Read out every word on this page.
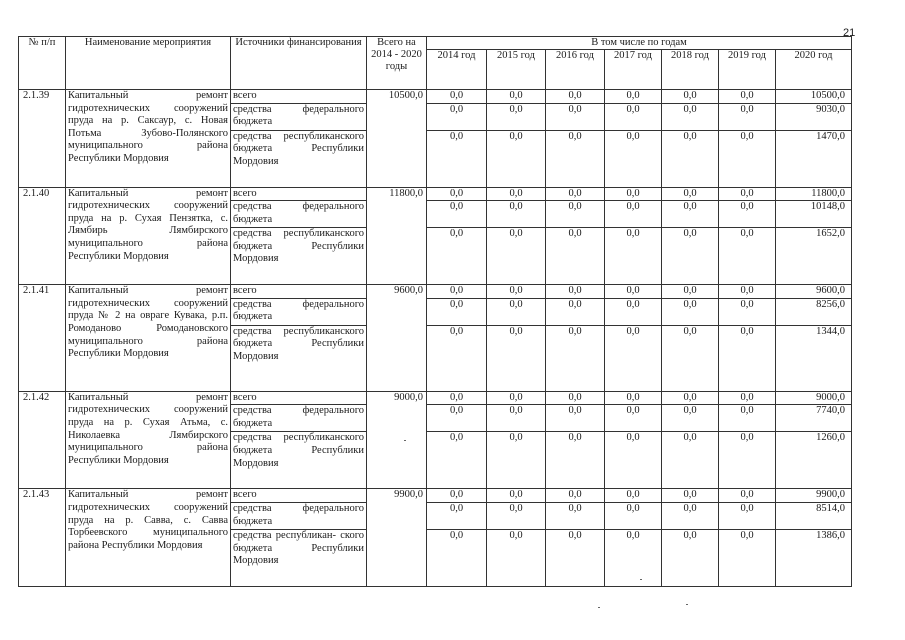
21
№ п/п	Наименование мероприятия	Источники финансирования	Всего на 2014 - 2020 годы	В том числе по годам						
				2014 год	2015 год	2016 год	2017 год	2018 год	2019 год	2020 год
2.1.39	Капитальный ремонт гидротехнических сооружений пруда на р. Саксаур, с. Новая Потьма Зубово-Полянского муниципального района Республики Мордовия	всего	10500,0	0,0	0,0	0,0	0,0	0,0	0,0	10500,0
		средства федерального бюджета		0,0	0,0	0,0	0,0	0,0	0,0	9030,0
		средства республиканского бюджета Республики Мордовия		0,0	0,0	0,0	0,0	0,0	0,0	1470,0
2.1.40	Капитальный ремонт гидротехнических сооружений пруда на р. Сухая Пензятка, с. Лямбирь Лямбирского муниципального района Республики Мордовия	всего	11800,0	0,0	0,0	0,0	0,0	0,0	0,0	11800,0
		средства федерального бюджета		0,0	0,0	0,0	0,0	0,0	0,0	10148,0
		средства республиканского бюджета Республики Мордовия		0,0	0,0	0,0	0,0	0,0	0,0	1652,0
2.1.41	Капитальный ремонт гидротехнических сооружений пруда № 2 на овраге Кувака, р.п. Ромоданово Ромодановского муниципального района Республики Мордовия	всего	9600,0	0,0	0,0	0,0	0,0	0,0	0,0	9600,0
		средства федерального бюджета		0,0	0,0	0,0	0,0	0,0	0,0	8256,0
		средства республиканского бюджета Республики Мордовия		0,0	0,0	0,0	0,0	0,0	0,0	1344,0
2.1.42	Капитальный ремонт гидротехнических сооружений пруда на р. Сухая Атьма, с. Николаевка Лямбирского муниципального района Республики Мордовия	всего	9000,0	0,0	0,0	0,0	0,0	0,0	0,0	9000,0
		средства федерального бюджета		0,0	0,0	0,0	0,0	0,0	0,0	7740,0
		средства республиканского бюджета Республики Мордовия		0,0	0,0	0,0	0,0	0,0	0,0	1260,0
2.1.43	Капитальный ремонт гидротехнических сооружений пруда на р. Савва, с. Савва Торбеевского муниципального района Республики Мордовия	всего	9900,0	0,0	0,0	0,0	0,0	0,0	0,0	9900,0
		средства федерального бюджета		0,0	0,0	0,0	0,0	0,0	0,0	8514,0
		средства республикан- ского бюджета Республики Мордовия		0,0	0,0	0,0	0,0	0,0	0,0	1386,0
